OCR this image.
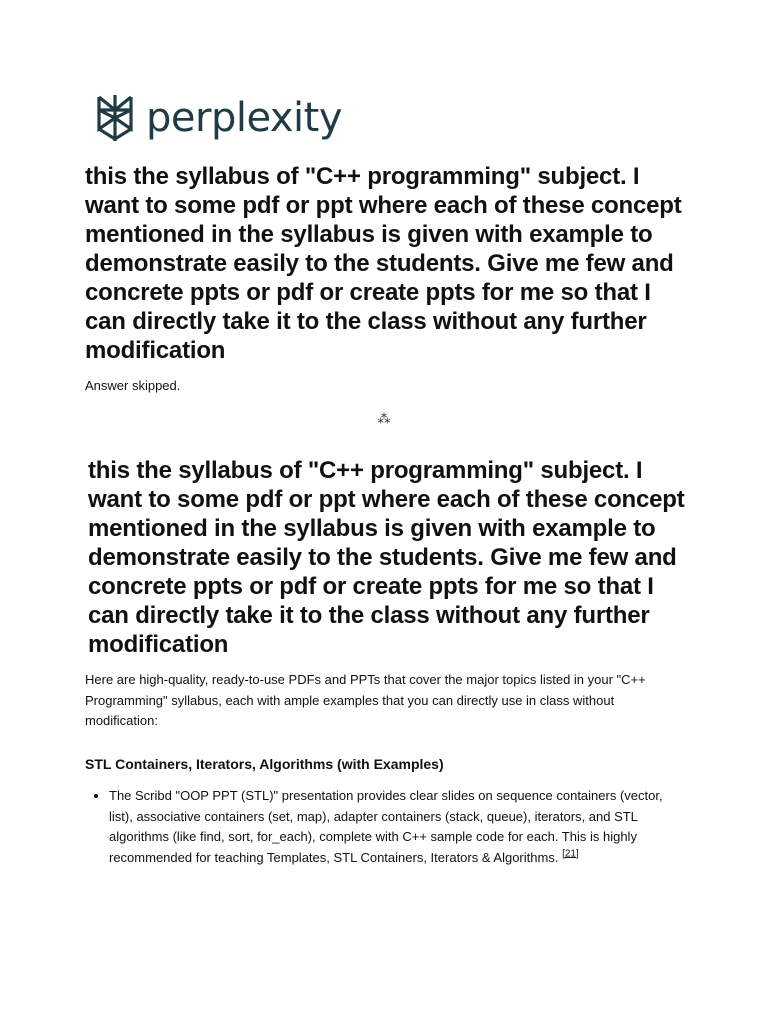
perplexity
this the syllabus of "C++ programming" subject. I want to some pdf or ppt where each of these concept mentioned in the syllabus is given with example to demonstrate easily to the students. Give me few and concrete ppts or pdf or create ppts for me so that I can directly take it to the class without any further modification
Answer skipped.
⁂
this the syllabus of "C++ programming" subject. I want to some pdf or ppt where each of these concept mentioned in the syllabus is given with example to demonstrate easily to the students. Give me few and concrete ppts or pdf or create ppts for me so that I can directly take it to the class without any further modification

Here are high-quality, ready-to-use PDFs and PPTs that cover the major topics listed in your "C++ Programming" syllabus, each with ample examples that you can directly use in class without modification:

STL Containers, Iterators, Algorithms (with Examples)
• The Scribd "OOP PPT (STL)" presentation provides clear slides on sequence containers (vector, list), associative containers (set, map), adapter containers (stack, queue), iterators, and STL algorithms (like find, sort, for_each), complete with C++ sample code for each. This is highly recommended for teaching Templates, STL Containers, Iterators & Algorithms. [21]
